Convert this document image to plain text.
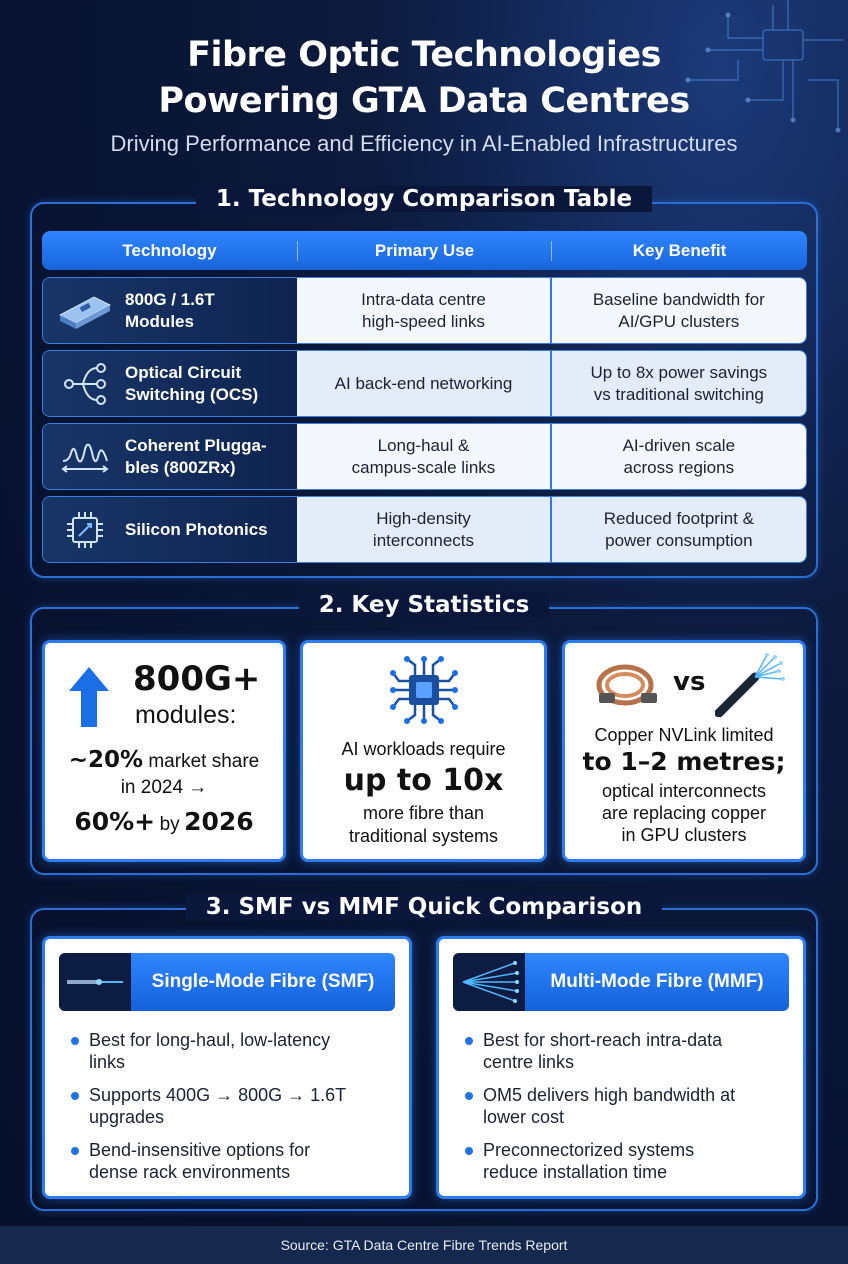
Fibre Optic Technologies
Powering GTA Data Centres
Driving Performance and Efficiency in AI-Enabled Infrastructures
1. Technology Comparison Table
Technology	Primary Use	Key Benefit
800G / 1.6T
Modules
Intra-data centre
high-speed links
Baseline bandwidth for
AI/GPU clusters
Optical Circuit
Switching (OCS)
AI back-end networking
Up to 8x power savings
vs traditional switching
Coherent Plugga-
bles (800ZRx)
Long-haul &
campus-scale links
AI-driven scale
across regions
Silicon Photonics
High-density
interconnects
Reduced footprint &
power consumption
2. Key Statistics
800G+
modules:
~20% market share
in 2024 →
60%+ by 2026
AI workloads require
up to 10x
more fibre than
traditional systems
vs
Copper NVLink limited
to 1–2 metres;
optical interconnects
are replacing copper
in GPU clusters
3. SMF vs MMF Quick Comparison
Single-Mode Fibre (SMF)
Best for long-haul, low-latency
links
Supports 400G → 800G → 1.6T
upgrades
Bend-insensitive options for
dense rack environments
Multi-Mode Fibre (MMF)
Best for short-reach intra-data
centre links
OM5 delivers high bandwidth at
lower cost
Preconnectorized systems
reduce installation time
Source: GTA Data Centre Fibre Trends Report
